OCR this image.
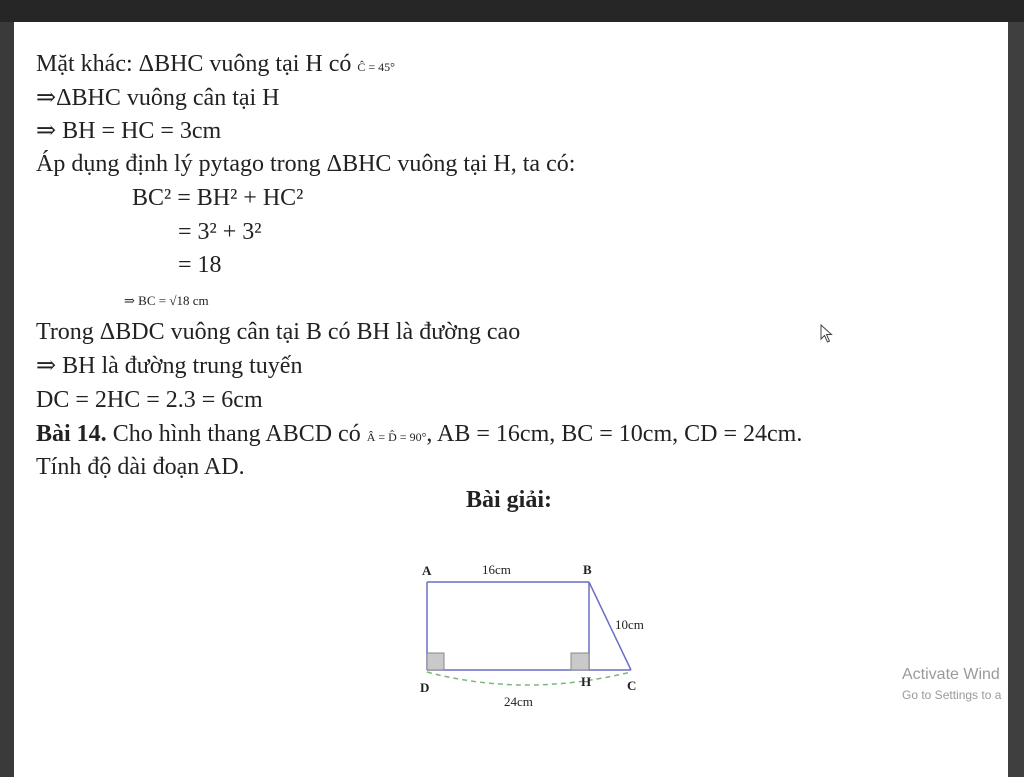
Mặt khác: ΔBHC vuông tại H có Ĉ = 45°
⇒ΔBHC vuông cân tại H
⇒ BH = HC = 3cm
Áp dụng định lý pytago trong ΔBHC vuông tại H, ta có:
BC² = BH² + HC²
= 3² + 3²
= 18
⇒ BC = √18 cm
Trong ΔBDC vuông cân tại B có BH là đường cao
⇒ BH là đường trung tuyến
DC = 2HC = 2.3 = 6cm
Bài 14. Cho hình thang ABCD có Â = D̂ = 90°, AB = 16cm, BC = 10cm, CD = 24cm.
Tính độ dài đoạn AD.
Bài giải:
A	B
C
D	H
16cm
10cm
24cm
Activate Wind
Go to Settings to a
